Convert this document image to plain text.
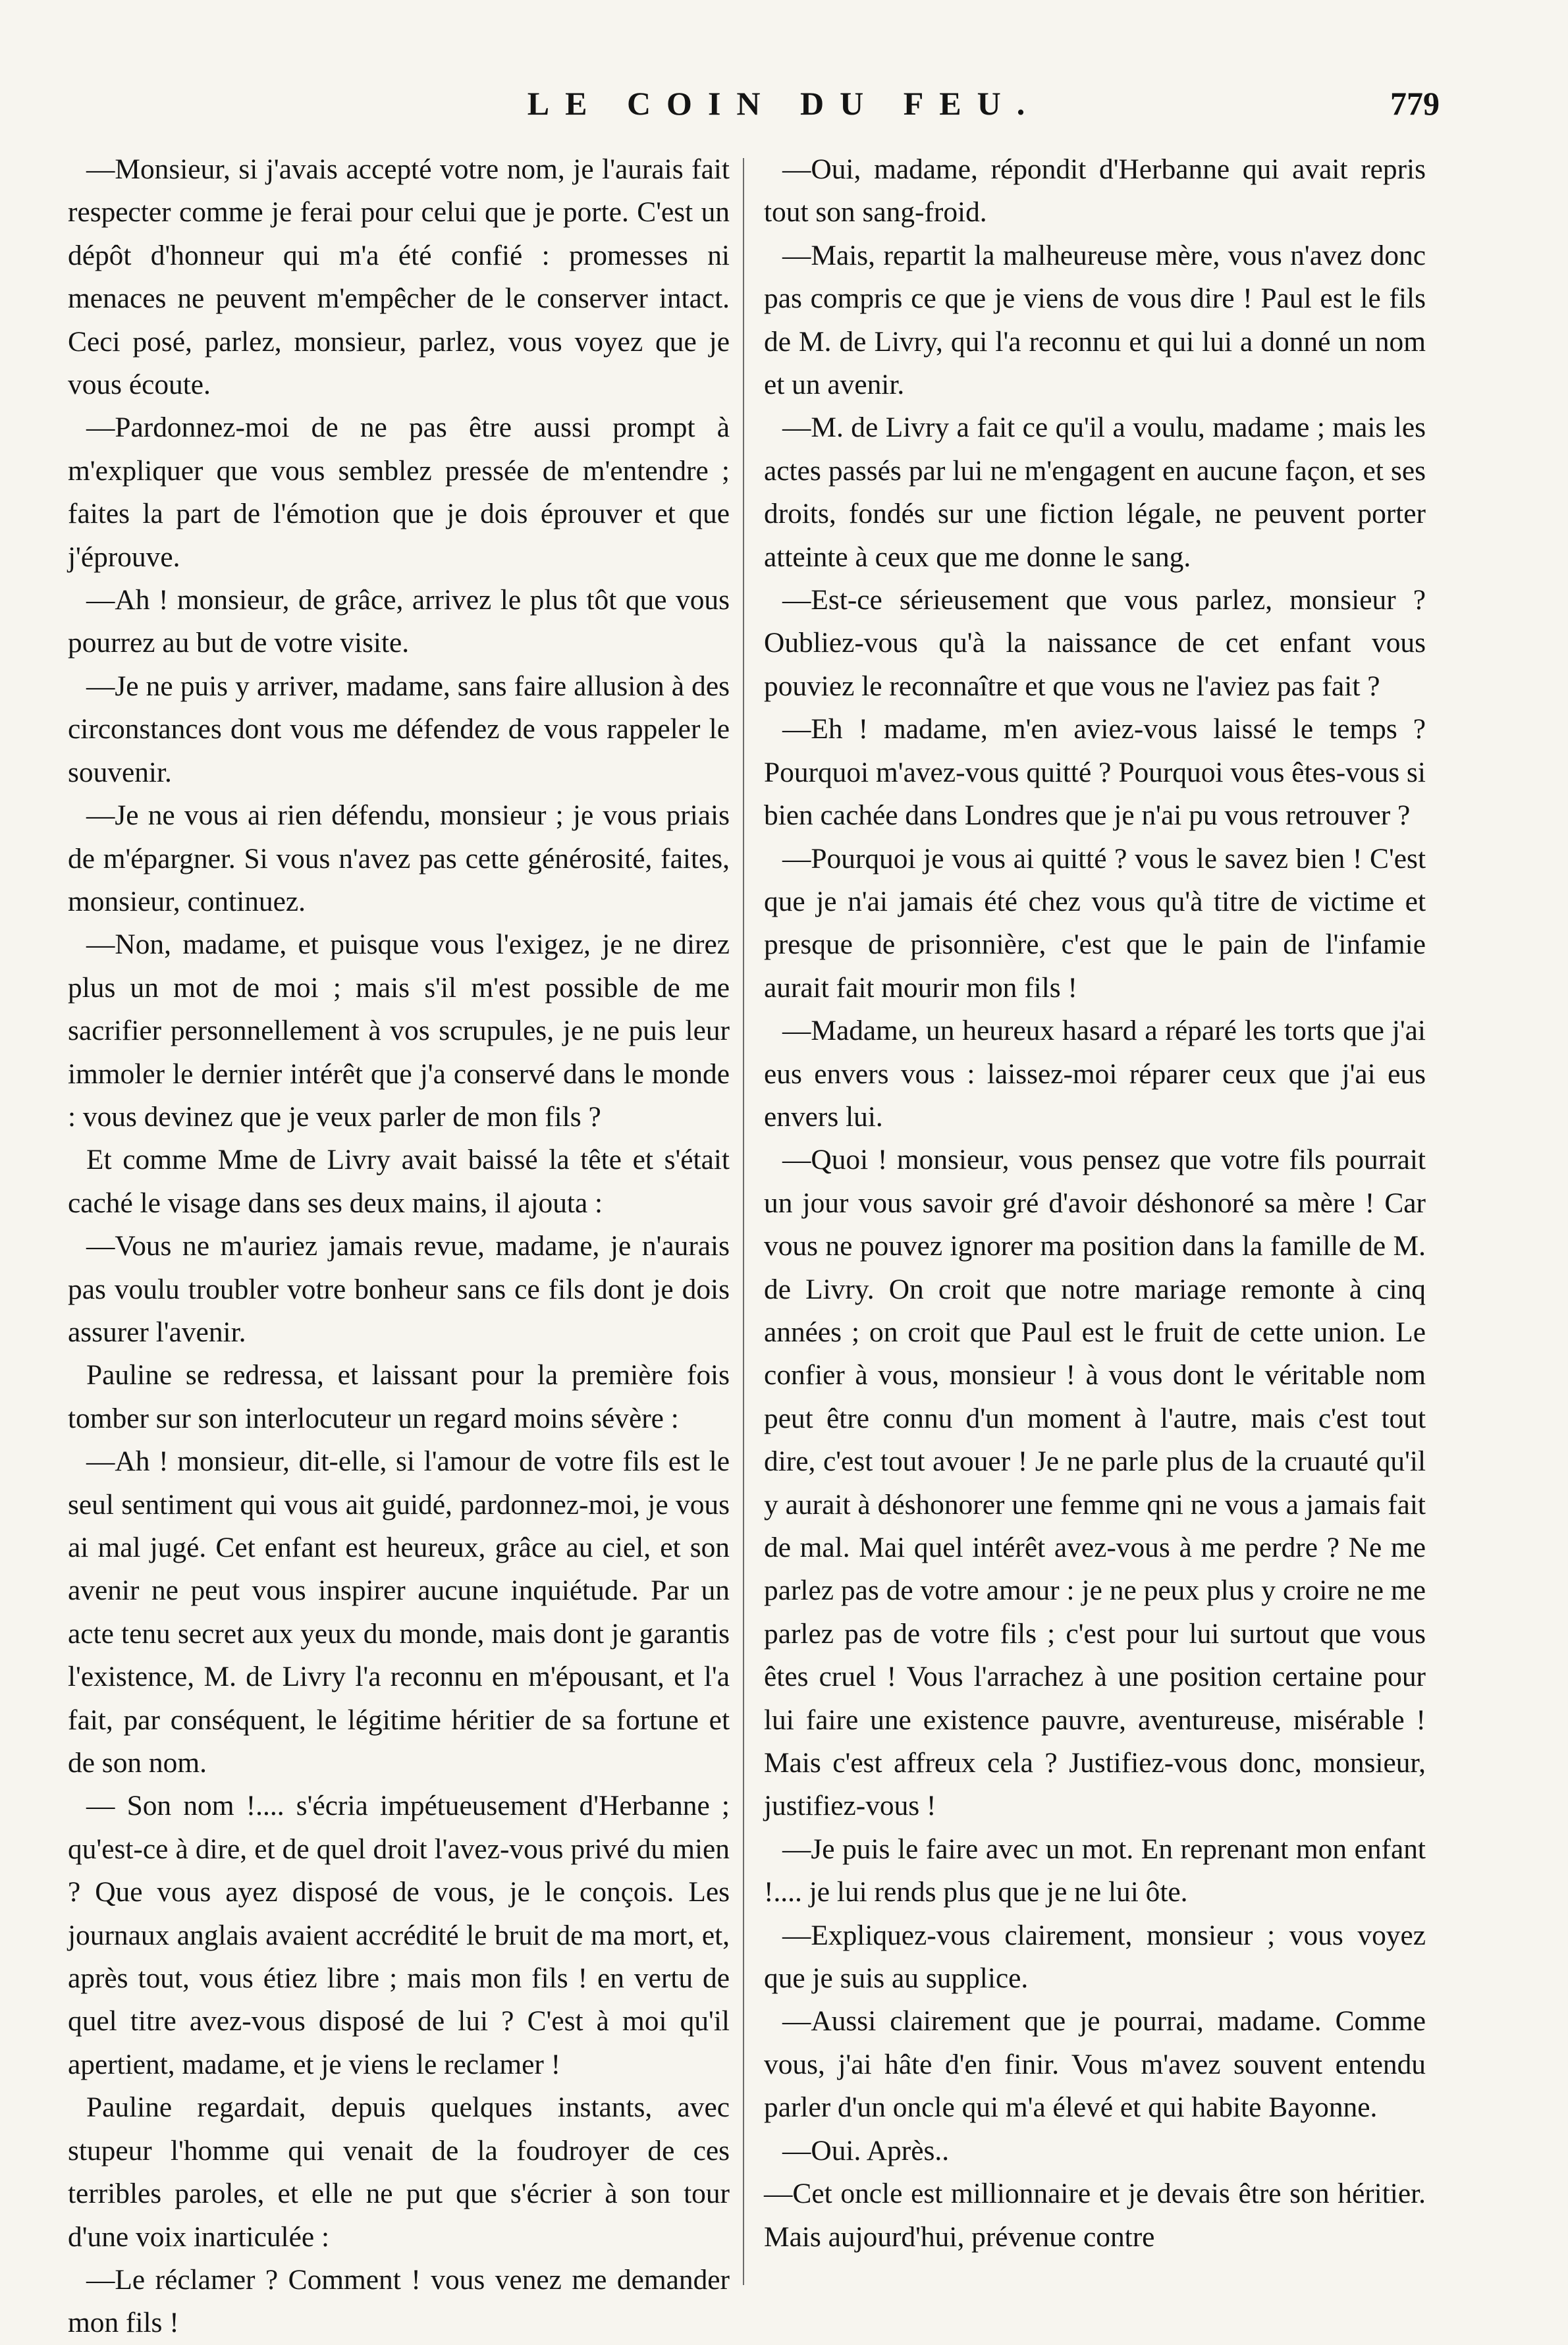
LE COIN DU FEU.	779

—Monsieur, si j'avais accepté votre nom, je l'aurais fait respecter comme je ferai pour celui que je porte. C'est un dépôt d'honneur qui m'a été confié : promesses ni menaces ne peuvent m'empêcher de le conserver intact. Ceci posé, parlez, monsieur, parlez, vous voyez que je vous écoute.

—Pardonnez-moi de ne pas être aussi prompt à m'expliquer que vous semblez pressée de m'entendre ; faites la part de l'émotion que je dois éprouver et que j'éprouve.

—Ah ! monsieur, de grâce, arrivez le plus tôt que vous pourrez au but de votre visite.

—Je ne puis y arriver, madame, sans faire allusion à des circonstances dont vous me défendez de vous rappeler le souvenir.

—Je ne vous ai rien défendu, monsieur ; je vous priais de m'épargner. Si vous n'avez pas cette générosité, faites, monsieur, continuez.

—Non, madame, et puisque vous l'exigez, je ne direz plus un mot de moi ; mais s'il m'est possible de me sacrifier personnellement à vos scrupules, je ne puis leur immoler le dernier intérêt que j'a conservé dans le monde : vous devinez que je veux parler de mon fils ?

Et comme Mme de Livry avait baissé la tête et s'était caché le visage dans ses deux mains, il ajouta :

—Vous ne m'auriez jamais revue, madame, je n'aurais pas voulu troubler votre bonheur sans ce fils dont je dois assurer l'avenir.

Pauline se redressa, et laissant pour la première fois tomber sur son interlocuteur un regard moins sévère :

—Ah ! monsieur, dit-elle, si l'amour de votre fils est le seul sentiment qui vous ait guidé, pardonnez-moi, je vous ai mal jugé. Cet enfant est heureux, grâce au ciel, et son avenir ne peut vous inspirer aucune inquiétude. Par un acte tenu secret aux yeux du monde, mais dont je garantis l'existence, M. de Livry l'a reconnu en m'épousant, et l'a fait, par conséquent, le légitime héritier de sa fortune et de son nom.

— Son nom !.... s'écria impétueusement d'Herbanne ; qu'est-ce à dire, et de quel droit l'avez-vous privé du mien ? Que vous ayez disposé de vous, je le conçois. Les journaux anglais avaient accrédité le bruit de ma mort, et, après tout, vous étiez libre ; mais mon fils ! en vertu de quel titre avez-vous disposé de lui ? C'est à moi qu'il apertient, madame, et je viens le reclamer !

Pauline regardait, depuis quelques instants, avec stupeur l'homme qui venait de la foudroyer de ces terribles paroles, et elle ne put que s'écrier à son tour d'une voix inarticulée :

—Le réclamer ? Comment ! vous venez me demander mon fils !

—Oui, madame, répondit d'Herbanne qui avait repris tout son sang-froid.

—Mais, repartit la malheureuse mère, vous n'avez donc pas compris ce que je viens de vous dire ! Paul est le fils de M. de Livry, qui l'a reconnu et qui lui a donné un nom et un avenir.

—M. de Livry a fait ce qu'il a voulu, madame ; mais les actes passés par lui ne m'engagent en aucune façon, et ses droits, fondés sur une fiction légale, ne peuvent porter atteinte à ceux que me donne le sang.

—Est-ce sérieusement que vous parlez, monsieur ? Oubliez-vous qu'à la naissance de cet enfant vous pouviez le reconnaître et que vous ne l'aviez pas fait ?

—Eh ! madame, m'en aviez-vous laissé le temps ? Pourquoi m'avez-vous quitté ? Pourquoi vous êtes-vous si bien cachée dans Londres que je n'ai pu vous retrouver ?

—Pourquoi je vous ai quitté ? vous le savez bien ! C'est que je n'ai jamais été chez vous qu'à titre de victime et presque de prisonnière, c'est que le pain de l'infamie aurait fait mourir mon fils !

—Madame, un heureux hasard a réparé les torts que j'ai eus envers vous : laissez-moi réparer ceux que j'ai eus envers lui.

—Quoi ! monsieur, vous pensez que votre fils pourrait un jour vous savoir gré d'avoir déshonoré sa mère ! Car vous ne pouvez ignorer ma position dans la famille de M. de Livry. On croit que notre mariage remonte à cinq années ; on croit que Paul est le fruit de cette union. Le confier à vous, monsieur ! à vous dont le véritable nom peut être connu d'un moment à l'autre, mais c'est tout dire, c'est tout avouer ! Je ne parle plus de la cruauté qu'il y aurait à déshonorer une femme qni ne vous a jamais fait de mal. Mai quel intérêt avez-vous à me perdre ? Ne me parlez pas de votre amour : je ne peux plus y croire ne me parlez pas de votre fils ; c'est pour lui surtout que vous êtes cruel ! Vous l'arrachez à une position certaine pour lui faire une existence pauvre, aventureuse, misérable ! Mais c'est affreux cela ? Justifiez-vous donc, monsieur, justifiez-vous !

—Je puis le faire avec un mot. En reprenant mon enfant !.... je lui rends plus que je ne lui ôte.

—Expliquez-vous clairement, monsieur ; vous voyez que je suis au supplice.

—Aussi clairement que je pourrai, madame. Comme vous, j'ai hâte d'en finir. Vous m'avez souvent entendu parler d'un oncle qui m'a élevé et qui habite Bayonne.

—Oui. Après..

—Cet oncle est millionnaire et je devais être son héritier. Mais aujourd'hui, prévenue contre
